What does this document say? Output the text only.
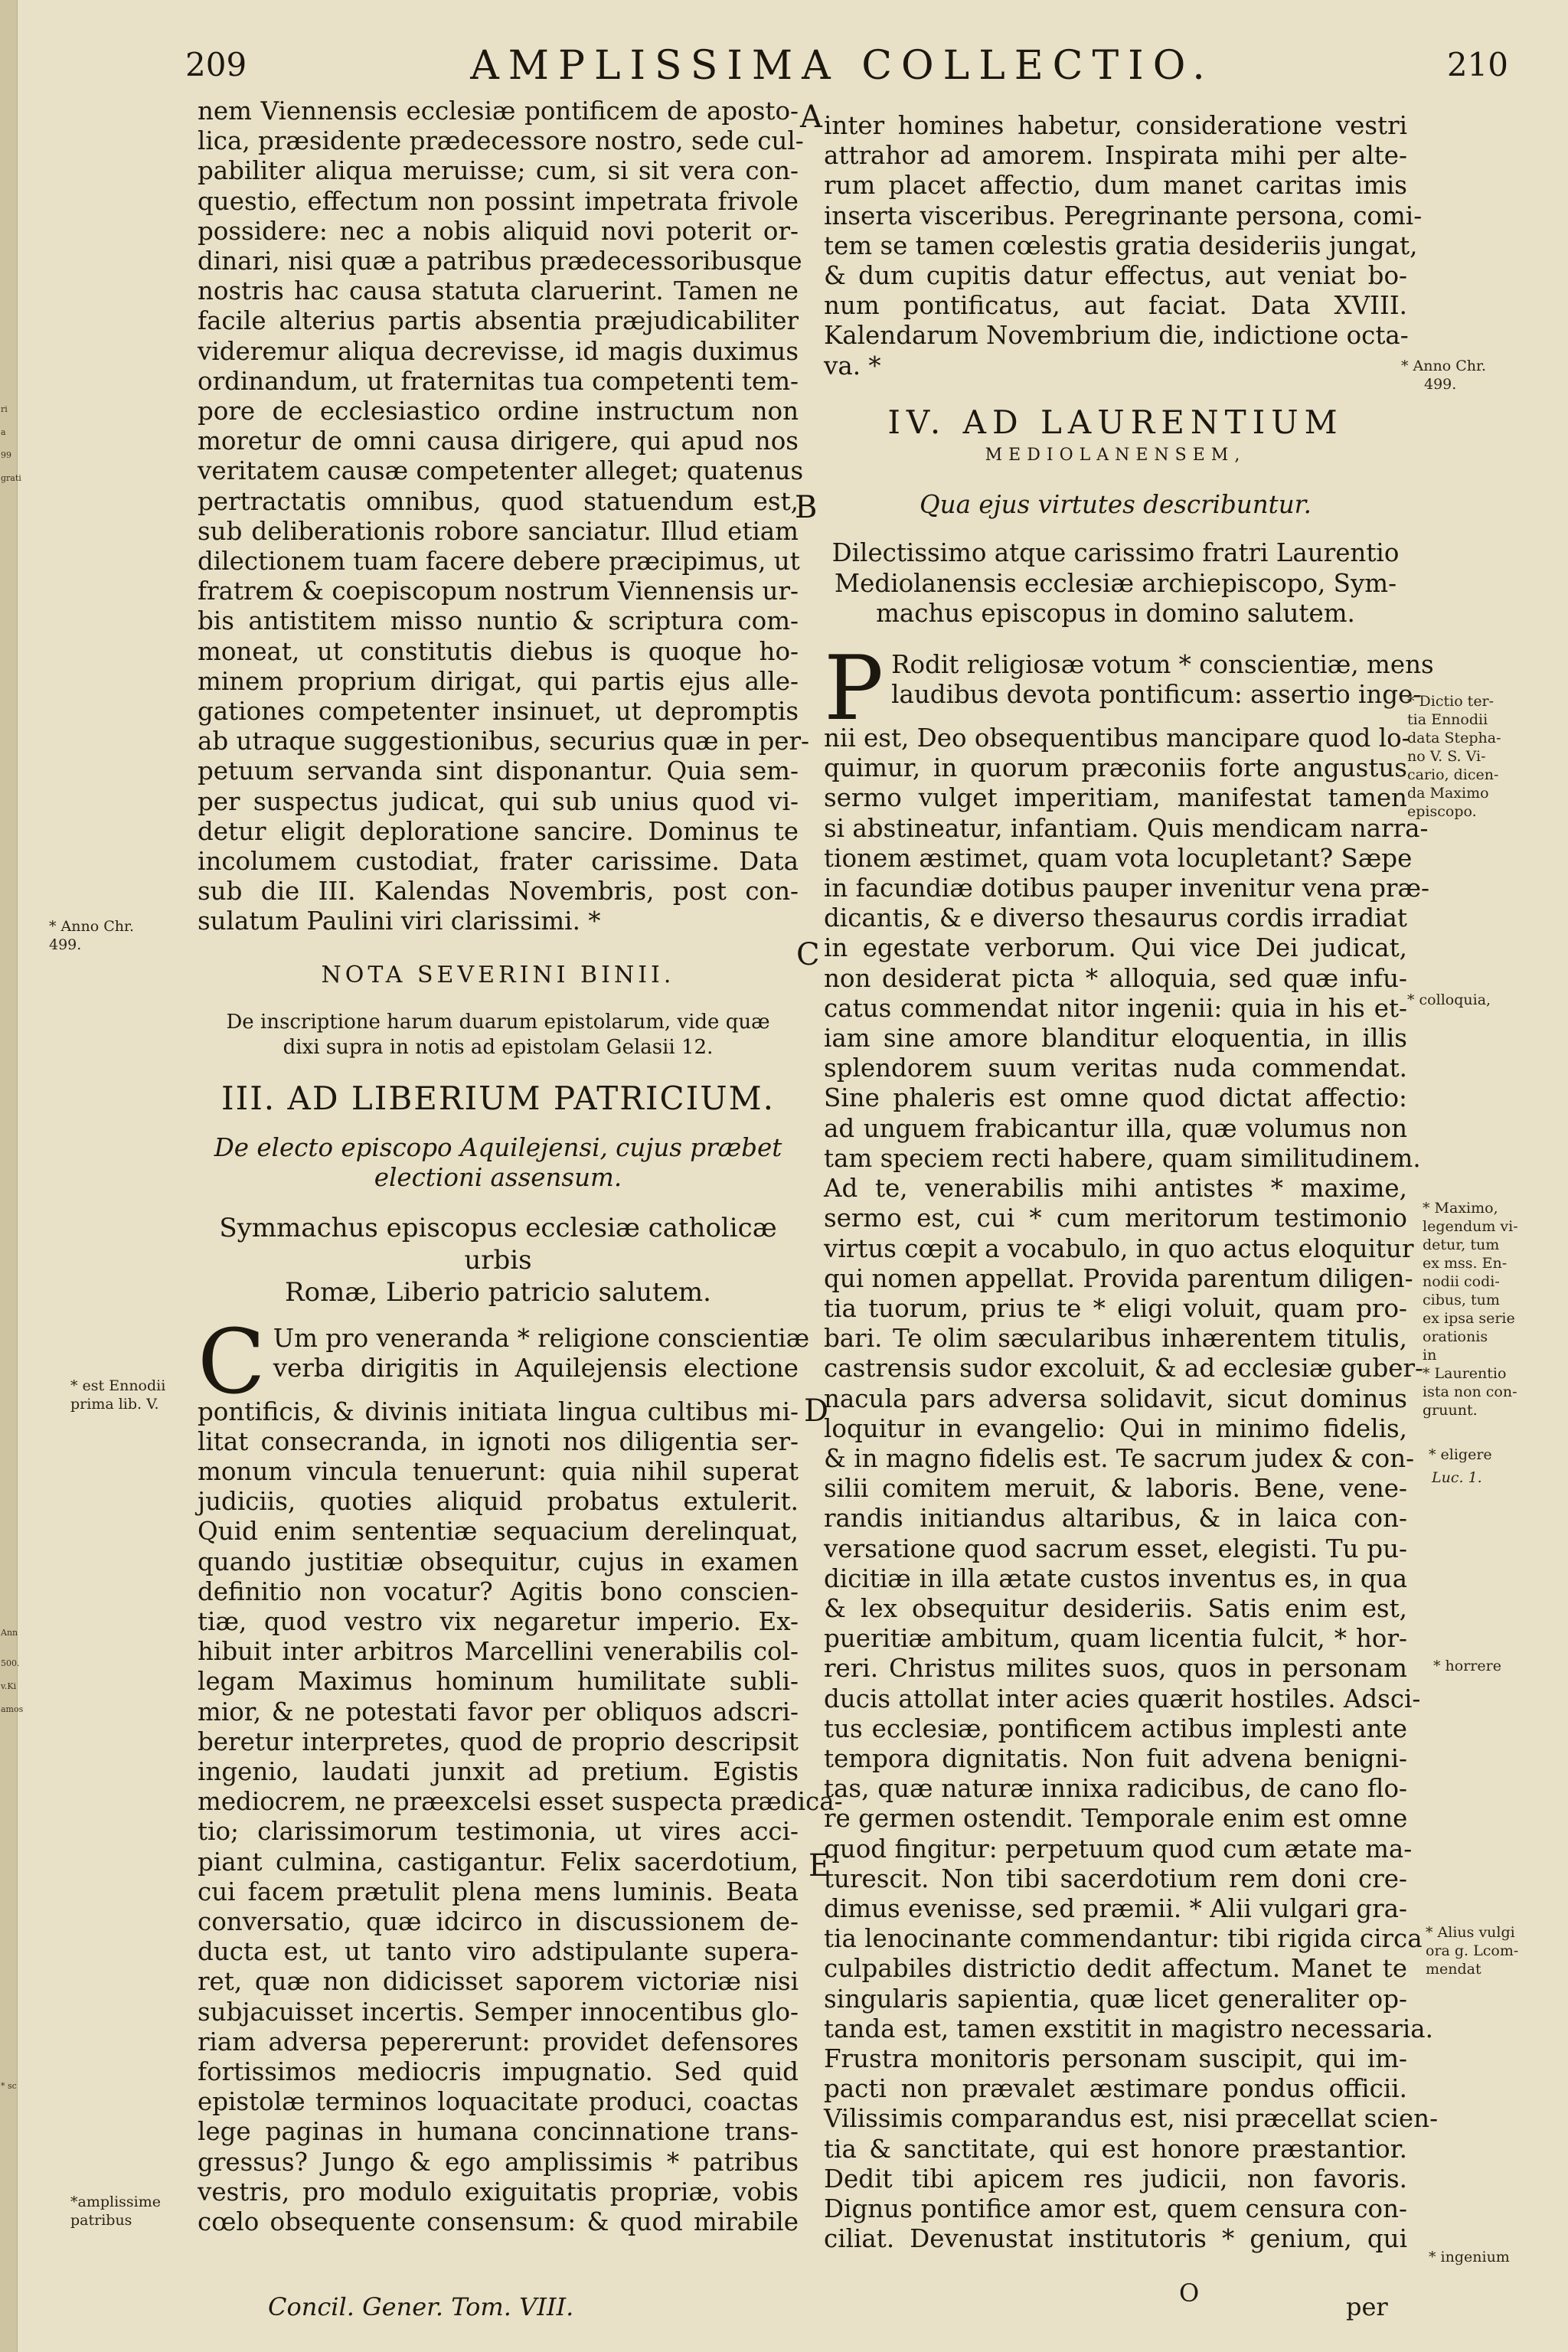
ri
a
99
grati
Ann
500.
v.Ki
amos
* sc
209	AMPLISSIMA COLLECTIO.	210
A
B
C
D
E
nem Viennensis ecclesiæ pontificem de aposto-
lica, præsidente prædecessore nostro, sede cul-
pabiliter aliqua meruisse; cum, si sit vera con-
questio, effectum non possint impetrata frivole
possidere: nec a nobis aliquid novi poterit or-
dinari, nisi quæ a patribus prædecessoribusque
nostris hac causa statuta claruerint. Tamen ne
facile alterius partis absentia præjudicabiliter
videremur aliqua decrevisse, id magis duximus
ordinandum, ut fraternitas tua competenti tem-
pore de ecclesiastico ordine instructum non
moretur de omni causa dirigere, qui apud nos
veritatem causæ competenter alleget; quatenus
pertractatis omnibus, quod statuendum est,
sub deliberationis robore sanciatur. Illud etiam
dilectionem tuam facere debere præcipimus, ut
fratrem & coepiscopum nostrum Viennensis ur-
bis antistitem misso nuntio & scriptura com-
moneat, ut constitutis diebus is quoque ho-
minem proprium dirigat, qui partis ejus alle-
gationes competenter insinuet, ut depromptis
ab utraque suggestionibus, securius quæ in per-
petuum servanda sint disponantur. Quia sem-
per suspectus judicat, qui sub unius quod vi-
detur eligit deploratione sancire. Dominus te
incolumem custodiat, frater carissime. Data
sub die III. Kalendas Novembris, post con-
sulatum Paulini viri clarissimi. *
NOTA SEVERINI BINII.
De inscriptione harum duarum epistolarum, vide quæ
dixi supra in notis ad epistolam Gelasii 12.
III. AD LIBERIUM PATRICIUM.
De electo episcopo Aquilejensi, cujus præbet
electioni assensum.
Symmachus episcopus ecclesiæ catholicæ urbis
Romæ, Liberio patricio salutem.
C Um pro veneranda * religione conscientiæ
verba dirigitis in Aquilejensis electione
pontificis, & divinis initiata lingua cultibus mi-
litat consecranda, in ignoti nos diligentia ser-
monum vincula tenuerunt: quia nihil superat
judiciis, quoties aliquid probatus extulerit.
Quid enim sententiæ sequacium derelinquat,
quando justitiæ obsequitur, cujus in examen
definitio non vocatur? Agitis bono conscien-
tiæ, quod vestro vix negaretur imperio. Ex-
hibuit inter arbitros Marcellini venerabilis col-
legam Maximus hominum humilitate subli-
mior, & ne potestati favor per obliquos adscri-
beretur interpretes, quod de proprio descripsit
ingenio, laudati junxit ad pretium. Egistis
mediocrem, ne præexcelsi esset suspecta prædica-
tio; clarissimorum testimonia, ut vires acci-
piant culmina, castigantur. Felix sacerdotium,
cui facem prætulit plena mens luminis. Beata
conversatio, quæ idcirco in discussionem de-
ducta est, ut tanto viro adstipulante supera-
ret, quæ non didicisset saporem victoriæ nisi
subjacuisset incertis. Semper innocentibus glo-
riam adversa pepererunt: providet defensores
fortissimos mediocris impugnatio. Sed quid
epistolæ terminos loquacitate produci, coactas
lege paginas in humana concinnatione trans-
gressus? Jungo & ego amplissimis * patribus
vestris, pro modulo exiguitatis propriæ, vobis
cœlo obsequente consensum: & quod mirabile
Concil. Gener. Tom. VIII.
inter homines habetur, consideratione vestri
attrahor ad amorem. Inspirata mihi per alte-
rum placet affectio, dum manet caritas imis
inserta visceribus. Peregrinante persona, comi-
tem se tamen cœlestis gratia desideriis jungat,
& dum cupitis datur effectus, aut veniat bo-
num pontificatus, aut faciat. Data XVIII.
Kalendarum Novembrium die, indictione octa-
va. *
IV. AD LAURENTIUM
MEDIOLANENSEM,
Qua ejus virtutes describuntur.
Dilectissimo atque carissimo fratri Laurentio
Mediolanensis ecclesiæ archiepiscopo, Sym-
machus episcopus in domino salutem.
P Rodit religiosæ votum * conscientiæ, mens
laudibus devota pontificum: assertio inge-
nii est, Deo obsequentibus mancipare quod lo-
quimur, in quorum præconiis forte angustus
sermo vulget imperitiam, manifestat tamen
si abstineatur, infantiam. Quis mendicam narra-
tionem æstimet, quam vota locupletant? Sæpe
in facundiæ dotibus pauper invenitur vena præ-
dicantis, & e diverso thesaurus cordis irradiat
in egestate verborum. Qui vice Dei judicat,
non desiderat picta * alloquia, sed quæ infu-
catus commendat nitor ingenii: quia in his et-
iam sine amore blanditur eloquentia, in illis
splendorem suum veritas nuda commendat.
Sine phaleris est omne quod dictat affectio:
ad unguem frabicantur illa, quæ volumus non
tam speciem recti habere, quam similitudinem.
Ad te, venerabilis mihi antistes * maxime,
sermo est, cui * cum meritorum testimonio
virtus cœpit a vocabulo, in quo actus eloquitur
qui nomen appellat. Provida parentum diligen-
tia tuorum, prius te * eligi voluit, quam pro-
bari. Te olim sæcularibus inhærentem titulis,
castrensis sudor excoluit, & ad ecclesiæ guber-
nacula pars adversa solidavit, sicut dominus
loquitur in evangelio: Qui in minimo fidelis,
& in magno fidelis est. Te sacrum judex & con-
silii comitem meruit, & laboris. Bene, vene-
randis initiandus altaribus, & in laica con-
versatione quod sacrum esset, elegisti. Tu pu-
dicitiæ in illa ætate custos inventus es, in qua
& lex obsequitur desideriis. Satis enim est,
pueritiæ ambitum, quam licentia fulcit, * hor-
reri. Christus milites suos, quos in personam
ducis attollat inter acies quærit hostiles. Adsci-
tus ecclesiæ, pontificem actibus implesti ante
tempora dignitatis. Non fuit advena benigni-
tas, quæ naturæ innixa radicibus, de cano flo-
re germen ostendit. Temporale enim est omne
quod fingitur: perpetuum quod cum ætate ma-
turescit. Non tibi sacerdotium rem doni cre-
dimus evenisse, sed præmii. * Alii vulgari gra-
tia lenocinante commendantur: tibi rigida circa
culpabiles districtio dedit affectum. Manet te
singularis sapientia, quæ licet generaliter op-
tanda est, tamen exstitit in magistro necessaria.
Frustra monitoris personam suscipit, qui im-
pacti non prævalet æstimare pondus officii.
Vilissimis comparandus est, nisi præcellat scien-
tia & sanctitate, qui est honore præstantior.
Dedit tibi apicem res judicii, non favoris.
Dignus pontifice amor est, quem censura con-
ciliat. Devenustat institutoris * genium, qui
O	per
* Anno Chr.
499.
* est Ennodii
prima lib. V.
*amplissime
patribus
* Anno Chr.
499.
* Dictio ter-
tia Ennodii
data Stepha-
no V. S. Vi-
cario, dicen-
da Maximo
episcopo.
* colloquia,
* Maximo,
legendum vi-
detur, tum
ex mss. En-
nodii codi-
cibus, tum
ex ipsa serie
orationis
in
* Laurentio
ista non con-
gruunt.
* eligere
Luc. 1.
* horrere
* Alius vulgi
ora g. Lcom-
mendat
* ingenium
